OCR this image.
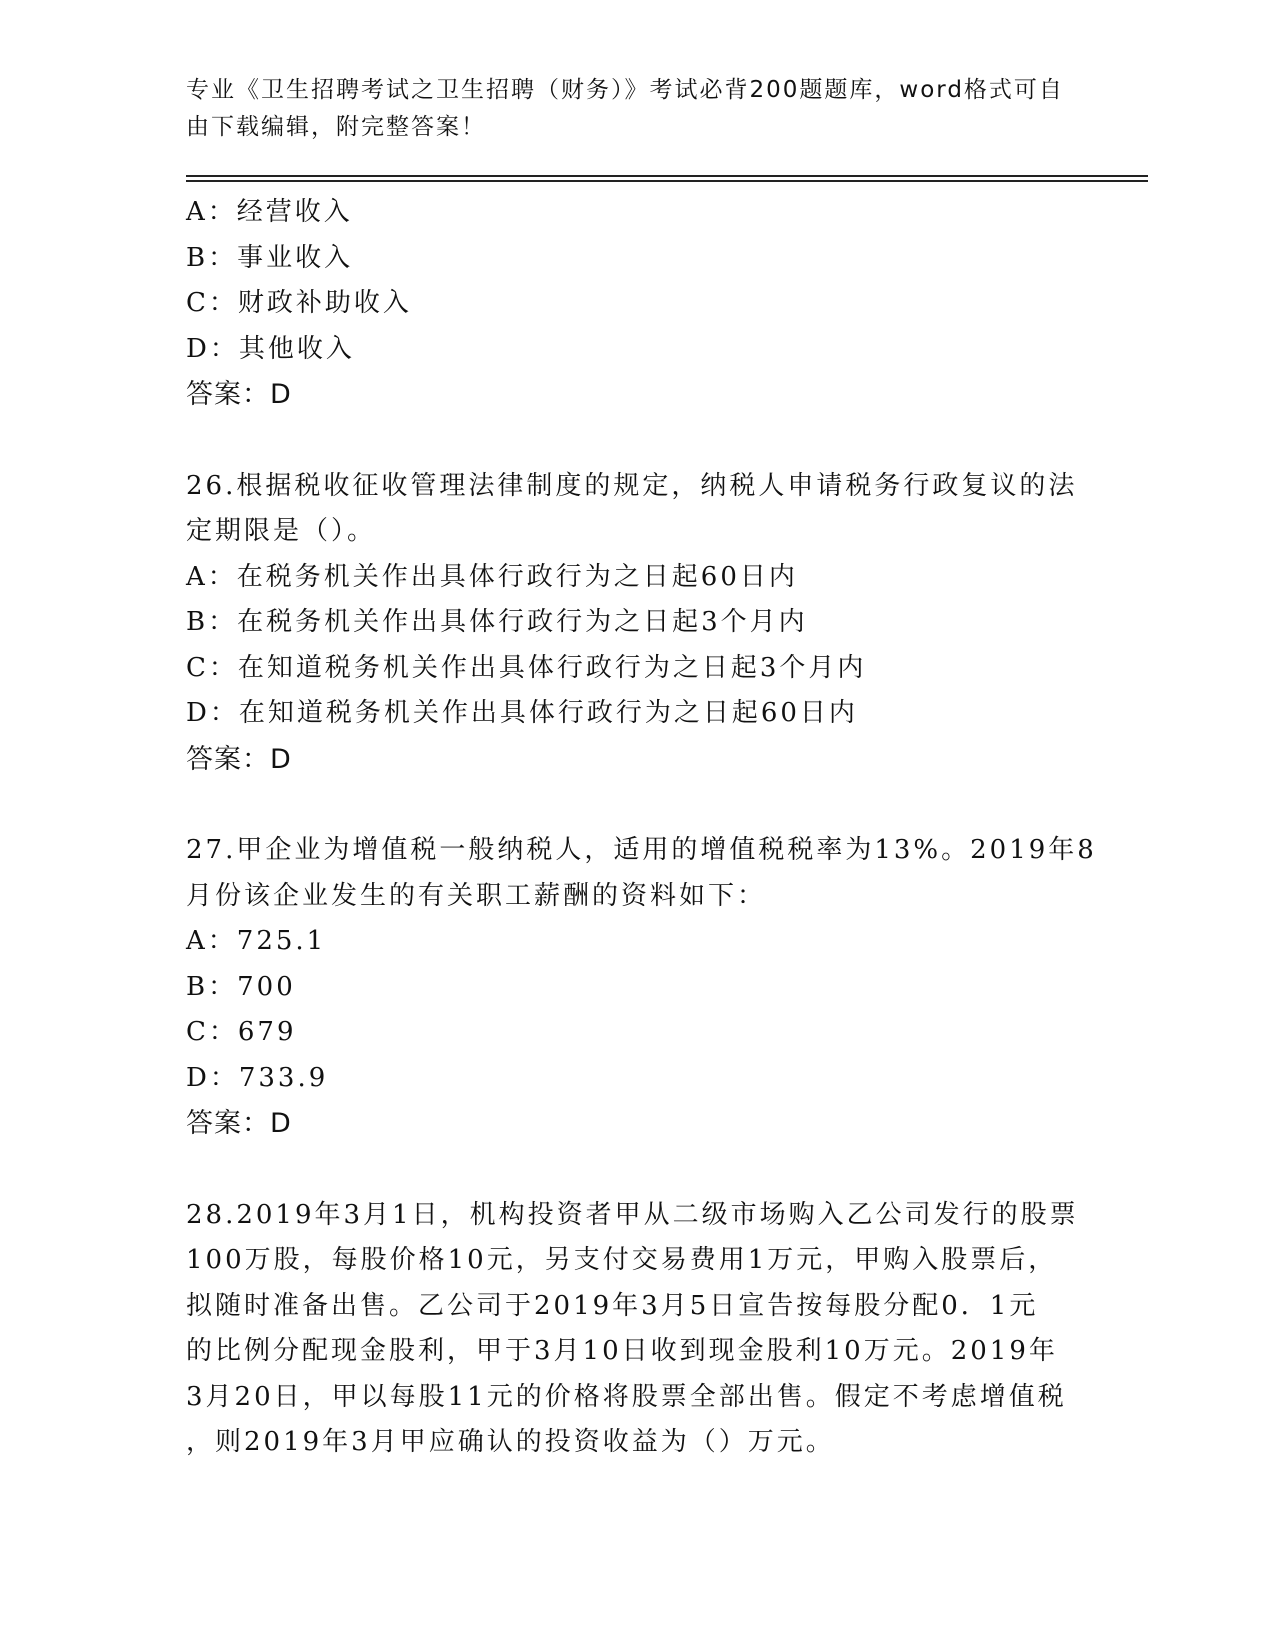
专业《卫生招聘考试之卫生招聘（财务）》考试必背200题题库，word格式可自
由下载编辑，附完整答案！
A：经营收入
B：事业收入
C：财政补助收入
D：其他收入
答案：D
26.根据税收征收管理法律制度的规定，纳税人申请税务行政复议的法
定期限是（）。
A：在税务机关作出具体行政行为之日起60日内
B：在税务机关作出具体行政行为之日起3个月内
C：在知道税务机关作出具体行政行为之日起3个月内
D：在知道税务机关作出具体行政行为之日起60日内
答案：D
27.甲企业为增值税一般纳税人，适用的增值税税率为13%。2019年8
月份该企业发生的有关职工薪酬的资料如下：
A：725.1
B：700
C：679
D：733.9
答案：D
28.2019年3月1日，机构投资者甲从二级市场购入乙公司发行的股票
100万股，每股价格10元，另支付交易费用1万元，甲购入股票后，
拟随时准备出售。乙公司于2019年3月5日宣告按每股分配0．1元
的比例分配现金股利，甲于3月10日收到现金股利10万元。2019年
3月20日，甲以每股11元的价格将股票全部出售。假定不考虑增值税
，则2019年3月甲应确认的投资收益为（）万元。
